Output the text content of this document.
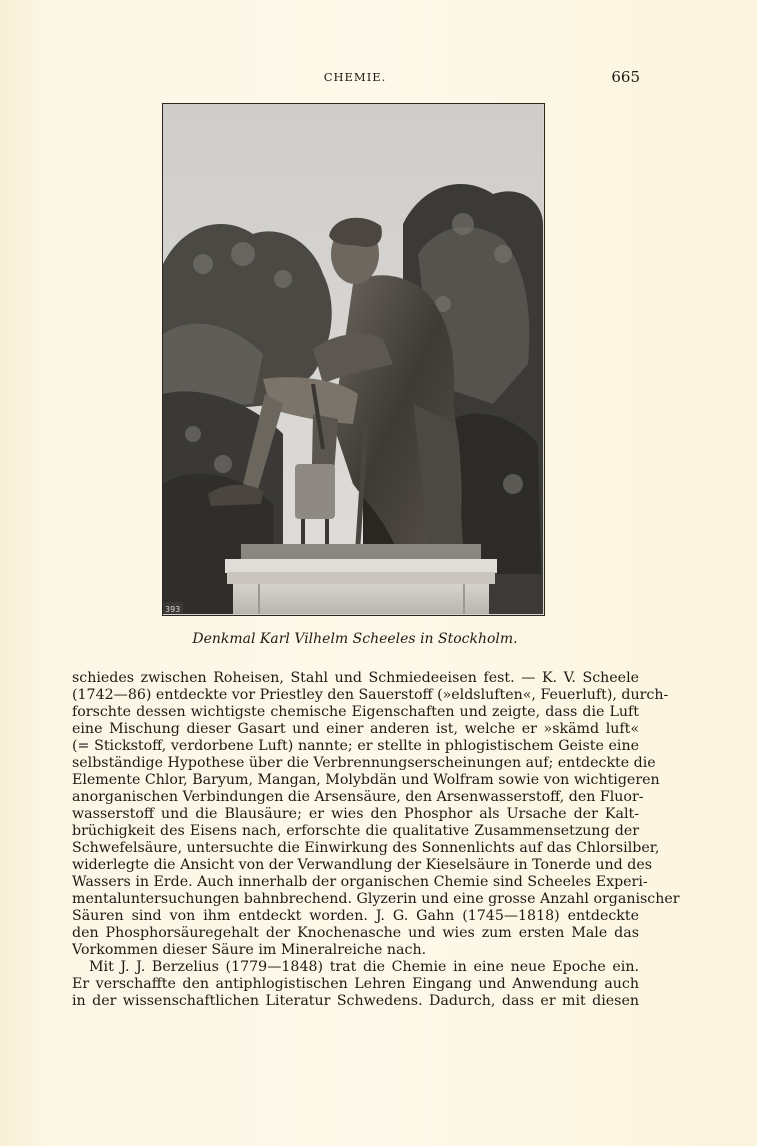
CHEMIE.	665
393
Denkmal Karl Vilhelm Scheeles in Stockholm.
schiedes zwischen Roheisen, Stahl und Schmiedeeisen fest. — K. V. Scheele
(1742—86) entdeckte vor Priestley den Sauerstoff (»eldsluften«, Feuerluft), durch-
forschte dessen wichtigste chemische Eigenschaften und zeigte, dass die Luft
eine Mischung dieser Gasart und einer anderen ist, welche er »skämd luft«
(= Stickstoff, verdorbene Luft) nannte; er stellte in phlogistischem Geiste eine
selbständige Hypothese über die Verbrennungserscheinungen auf; entdeckte die
Elemente Chlor, Baryum, Mangan, Molybdän und Wolfram sowie von wichtigeren
anorganischen Verbindungen die Arsensäure, den Arsenwasserstoff, den Fluor-
wasserstoff und die Blausäure; er wies den Phosphor als Ursache der Kalt-
brüchigkeit des Eisens nach, erforschte die qualitative Zusammensetzung der
Schwefelsäure, untersuchte die Einwirkung des Sonnenlichts auf das Chlorsilber,
widerlegte die Ansicht von der Verwandlung der Kieselsäure in Tonerde und des
Wassers in Erde. Auch innerhalb der organischen Chemie sind Scheeles Experi-
mentaluntersuchungen bahnbrechend. Glyzerin und eine grosse Anzahl organischer
Säuren sind von ihm entdeckt worden. J. G. Gahn (1745—1818) entdeckte
den Phosphorsäuregehalt der Knochenasche und wies zum ersten Male das
Vorkommen dieser Säure im Mineralreiche nach.
Mit J. J. Berzelius (1779—1848) trat die Chemie in eine neue Epoche ein.
Er verschaffte den antiphlogistischen Lehren Eingang und Anwendung auch
in der wissenschaftlichen Literatur Schwedens. Dadurch, dass er mit diesen
